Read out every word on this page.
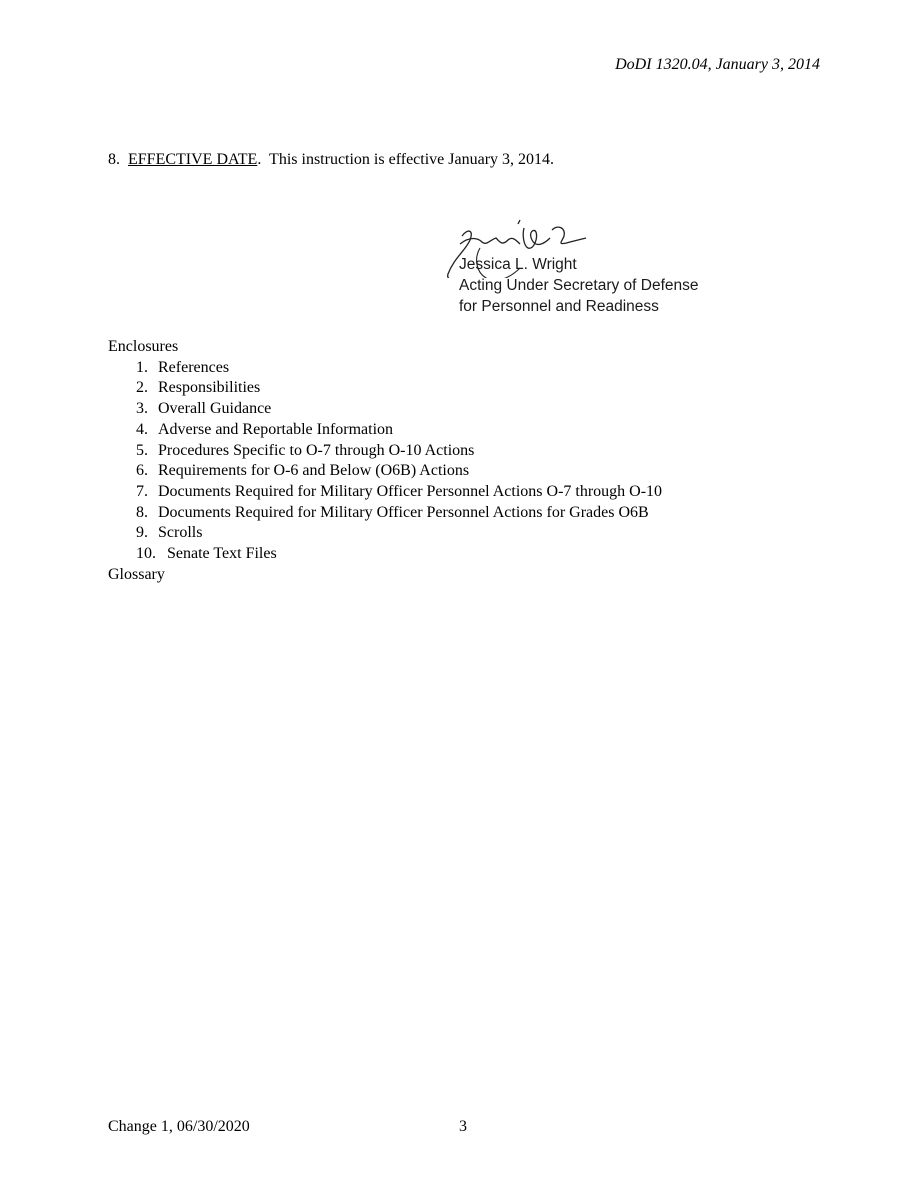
DoDI 1320.04, January 3, 2014
8. EFFECTIVE DATE.  This instruction is effective January 3, 2014.
Jessica L. Wright
Acting Under Secretary of Defense
for Personnel and Readiness
Enclosures
1. References
2. Responsibilities
3. Overall Guidance
4. Adverse and Reportable Information
5. Procedures Specific to O-7 through O-10 Actions
6. Requirements for O-6 and Below (O6B) Actions
7. Documents Required for Military Officer Personnel Actions O-7 through O-10
8. Documents Required for Military Officer Personnel Actions for Grades O6B
9. Scrolls
10. Senate Text Files
Glossary
Change 1, 06/30/2020	3
